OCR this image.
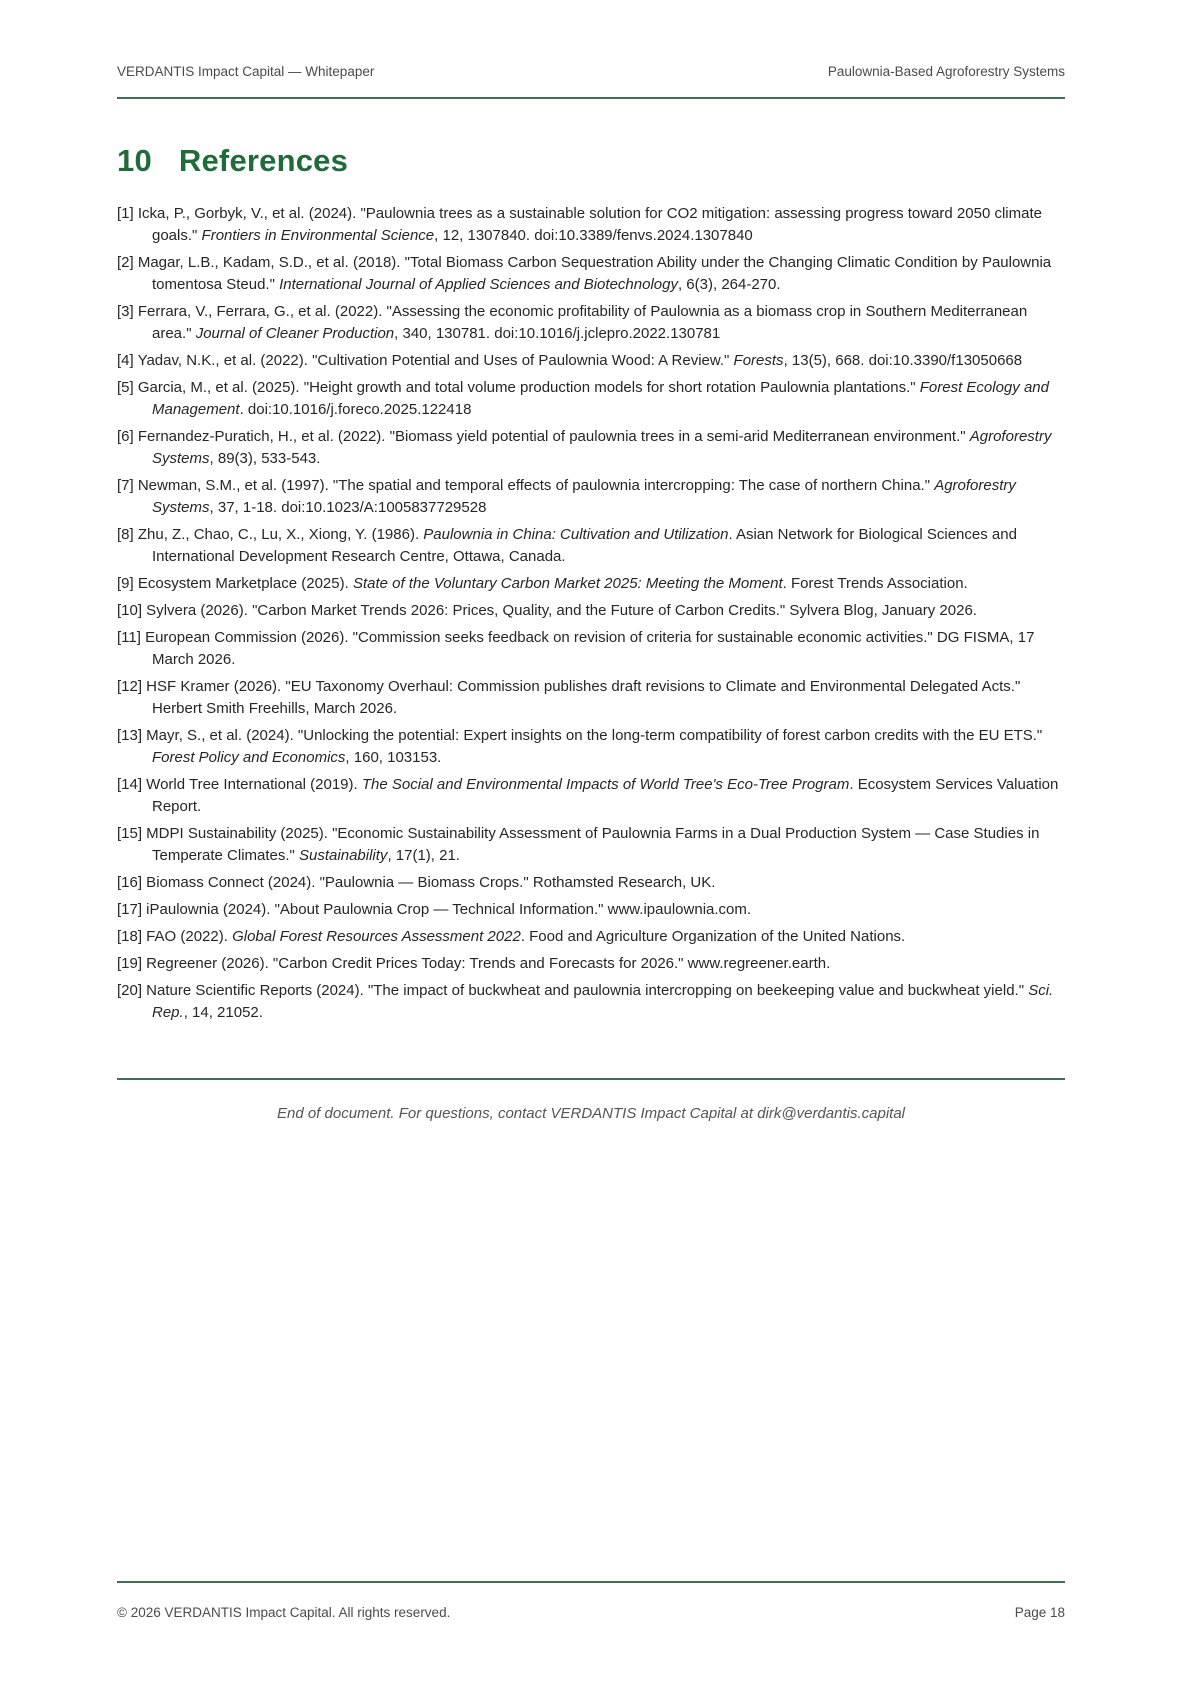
VERDANTIS Impact Capital — Whitepaper	Paulownia-Based Agroforestry Systems
10 References
[1] Icka, P., Gorbyk, V., et al. (2024). "Paulownia trees as a sustainable solution for CO2 mitigation: assessing progress toward 2050 climate goals." Frontiers in Environmental Science, 12, 1307840. doi:10.3389/fenvs.2024.1307840
[2] Magar, L.B., Kadam, S.D., et al. (2018). "Total Biomass Carbon Sequestration Ability under the Changing Climatic Condition by Paulownia tomentosa Steud." International Journal of Applied Sciences and Biotechnology, 6(3), 264-270.
[3] Ferrara, V., Ferrara, G., et al. (2022). "Assessing the economic profitability of Paulownia as a biomass crop in Southern Mediterranean area." Journal of Cleaner Production, 340, 130781. doi:10.1016/j.jclepro.2022.130781
[4] Yadav, N.K., et al. (2022). "Cultivation Potential and Uses of Paulownia Wood: A Review." Forests, 13(5), 668. doi:10.3390/f13050668
[5] Garcia, M., et al. (2025). "Height growth and total volume production models for short rotation Paulownia plantations." Forest Ecology and Management. doi:10.1016/j.foreco.2025.122418
[6] Fernandez-Puratich, H., et al. (2022). "Biomass yield potential of paulownia trees in a semi-arid Mediterranean environment." Agroforestry Systems, 89(3), 533-543.
[7] Newman, S.M., et al. (1997). "The spatial and temporal effects of paulownia intercropping: The case of northern China." Agroforestry Systems, 37, 1-18. doi:10.1023/A:1005837729528
[8] Zhu, Z., Chao, C., Lu, X., Xiong, Y. (1986). Paulownia in China: Cultivation and Utilization. Asian Network for Biological Sciences and International Development Research Centre, Ottawa, Canada.
[9] Ecosystem Marketplace (2025). State of the Voluntary Carbon Market 2025: Meeting the Moment. Forest Trends Association.
[10] Sylvera (2026). "Carbon Market Trends 2026: Prices, Quality, and the Future of Carbon Credits." Sylvera Blog, January 2026.
[11] European Commission (2026). "Commission seeks feedback on revision of criteria for sustainable economic activities." DG FISMA, 17 March 2026.
[12] HSF Kramer (2026). "EU Taxonomy Overhaul: Commission publishes draft revisions to Climate and Environmental Delegated Acts." Herbert Smith Freehills, March 2026.
[13] Mayr, S., et al. (2024). "Unlocking the potential: Expert insights on the long-term compatibility of forest carbon credits with the EU ETS." Forest Policy and Economics, 160, 103153.
[14] World Tree International (2019). The Social and Environmental Impacts of World Tree's Eco-Tree Program. Ecosystem Services Valuation Report.
[15] MDPI Sustainability (2025). "Economic Sustainability Assessment of Paulownia Farms in a Dual Production System — Case Studies in Temperate Climates." Sustainability, 17(1), 21.
[16] Biomass Connect (2024). "Paulownia — Biomass Crops." Rothamsted Research, UK.
[17] iPaulownia (2024). "About Paulownia Crop — Technical Information." www.ipaulownia.com.
[18] FAO (2022). Global Forest Resources Assessment 2022. Food and Agriculture Organization of the United Nations.
[19] Regreener (2026). "Carbon Credit Prices Today: Trends and Forecasts for 2026." www.regreener.earth.
[20] Nature Scientific Reports (2024). "The impact of buckwheat and paulownia intercropping on beekeeping value and buckwheat yield." Sci. Rep., 14, 21052.

End of document. For questions, contact VERDANTIS Impact Capital at dirk@verdantis.capital

© 2026 VERDANTIS Impact Capital. All rights reserved.	Page 18
